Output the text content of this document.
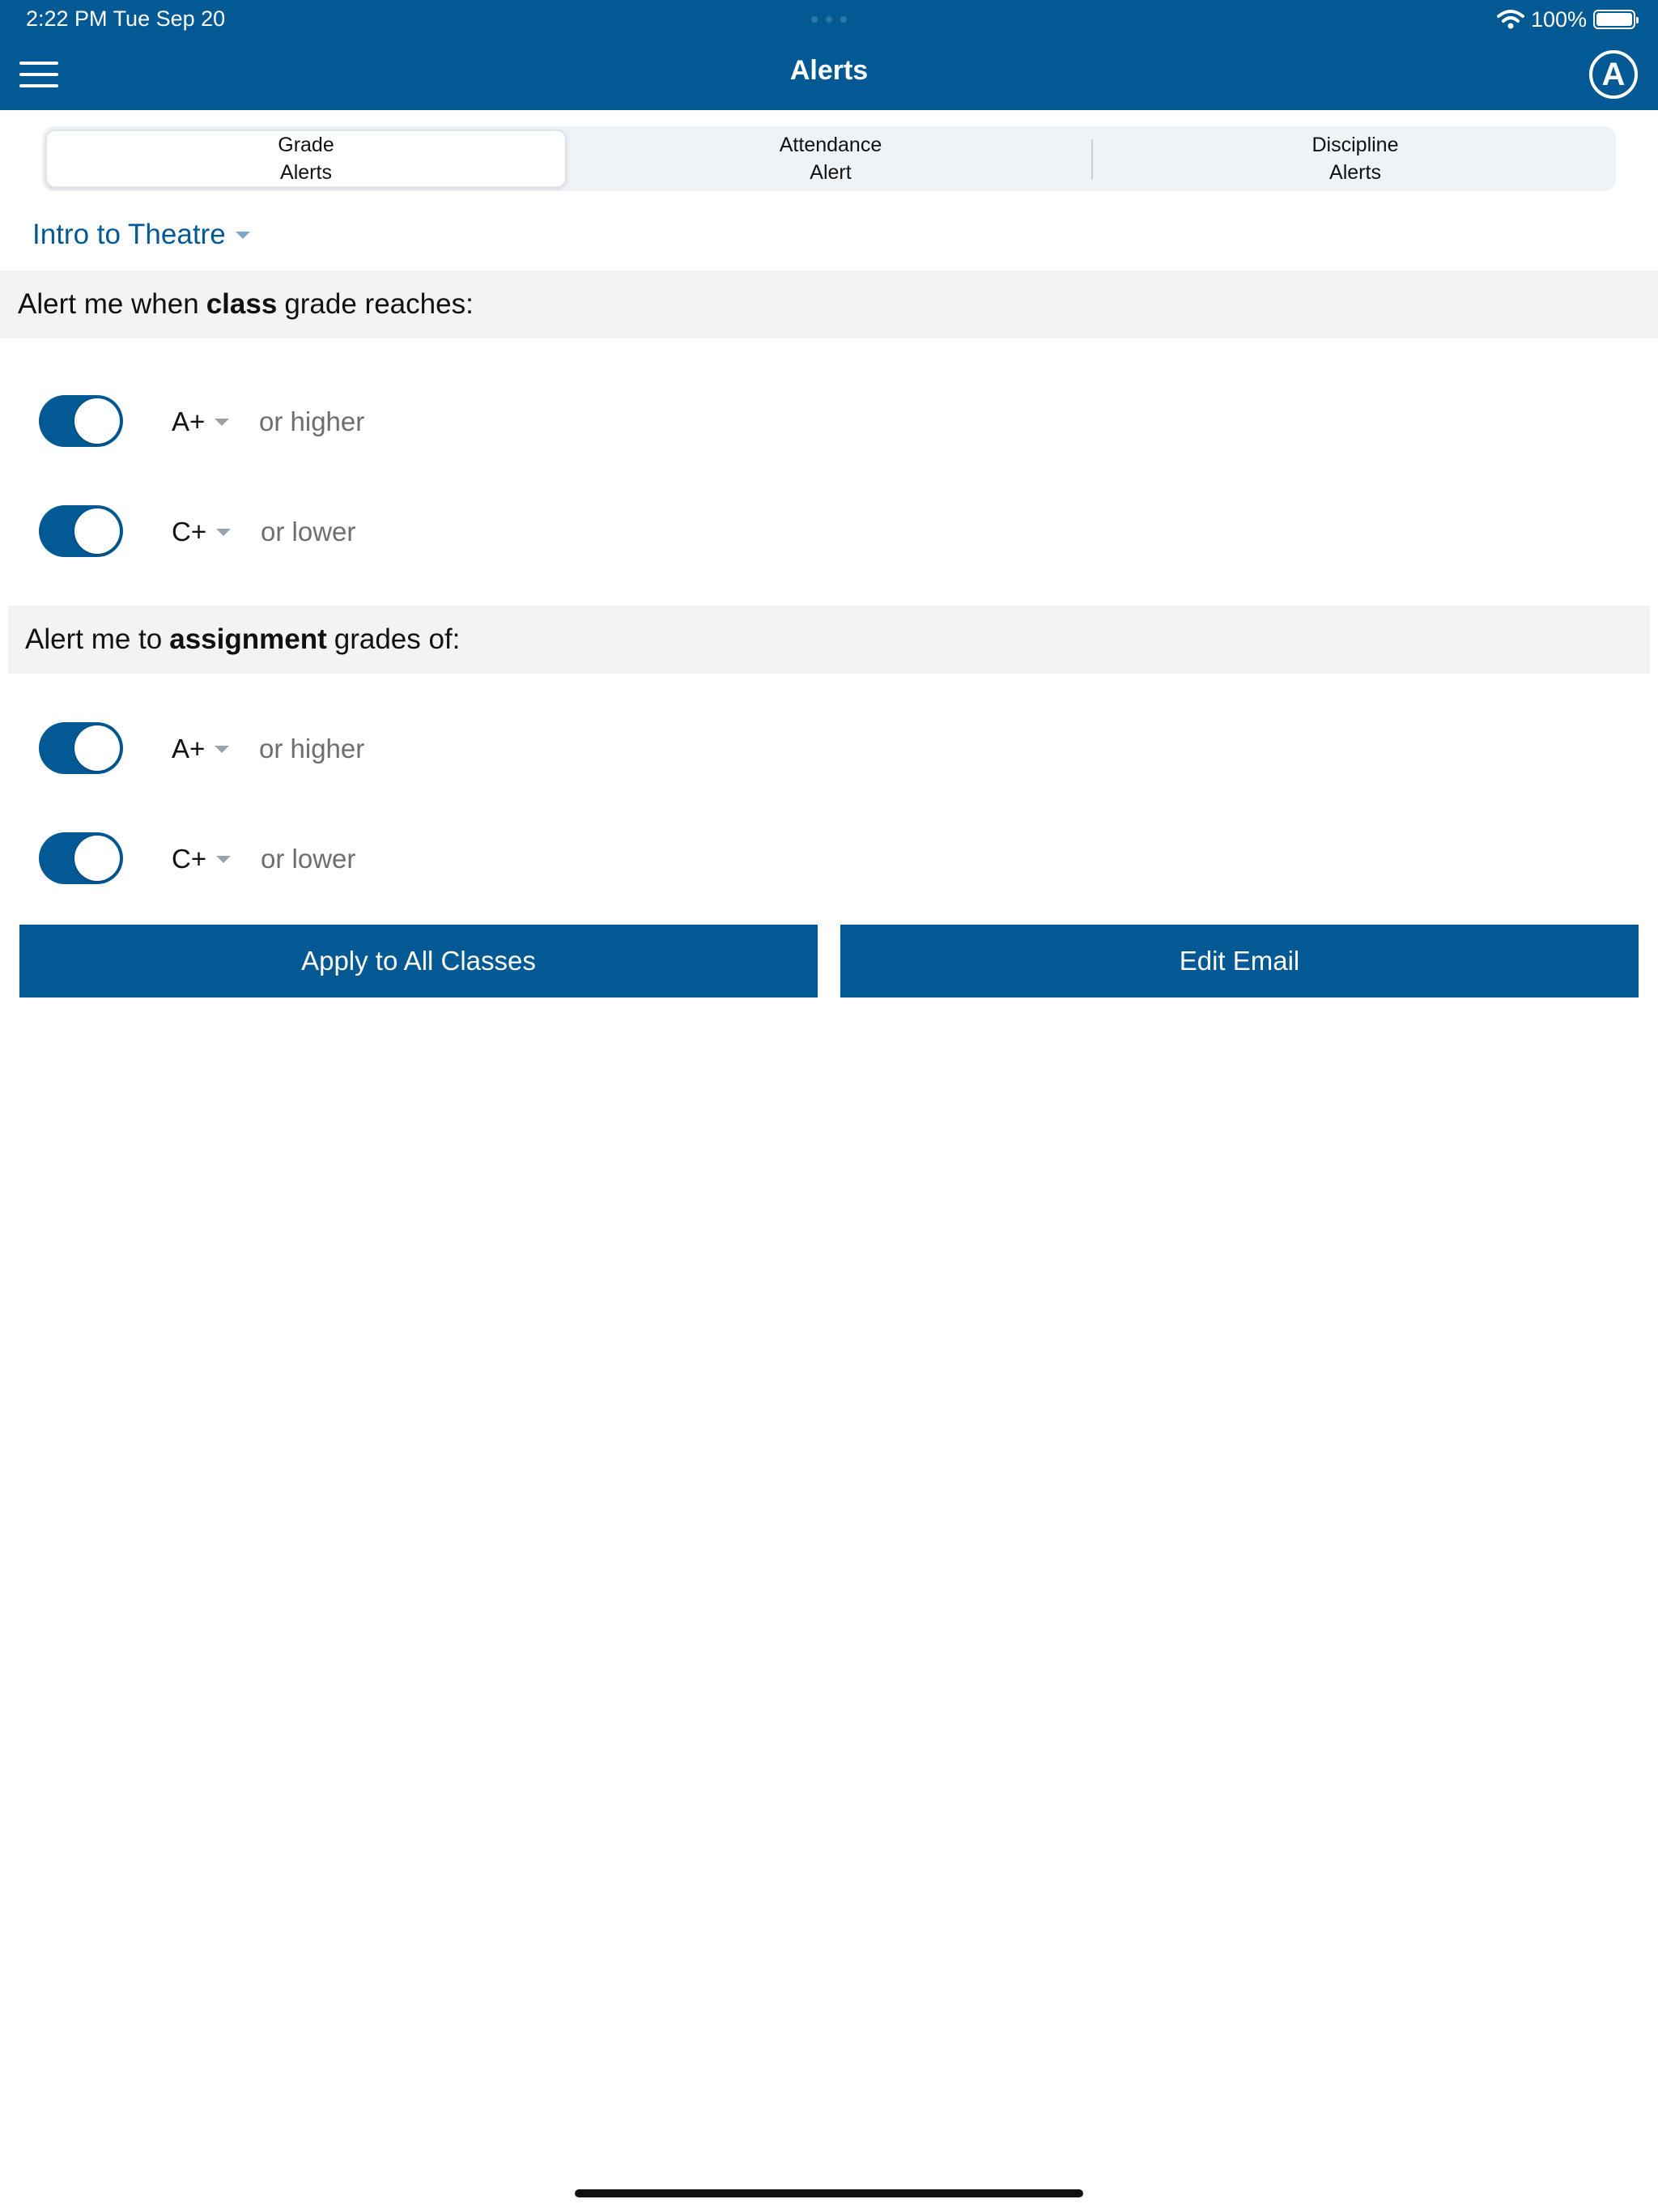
2:22 PM Tue Sep 20	100%
Alerts	A
Grade
Alerts
Attendance
Alert
Discipline
Alerts
Intro to Theatre
Alert me when class grade reaches:
A+ or higher
C+ or lower
Alert me to assignment grades of:
A+ or higher
C+ or lower
Apply to All Classes	Edit Email
